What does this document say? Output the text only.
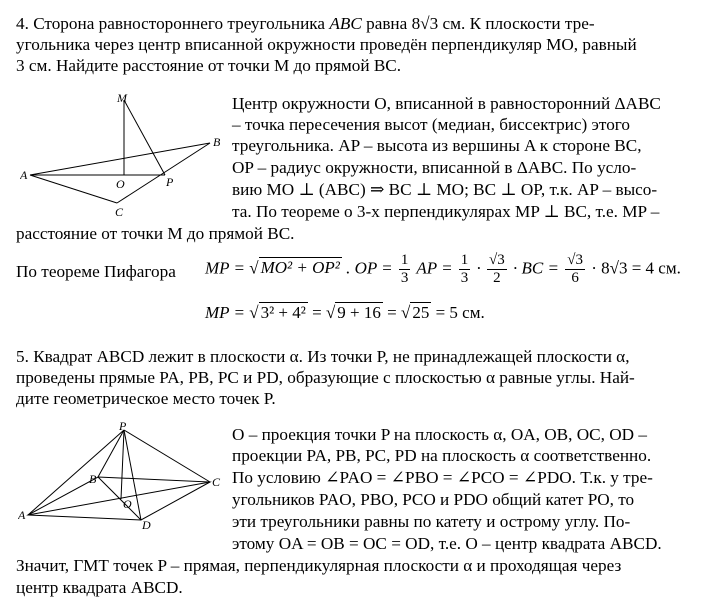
4. Сторона равностороннего треугольника ABC равна 8√3 см. К плоскости тре-
угольника через центр вписанной окружности проведён перпендикуляр MO, равный
3 см. Найдите расстояние от точки M до прямой BC.
M
B
A
O	P
C
Центр окружности O, вписанной в равносторонний ΔABC
– точка пересечения высот (медиан, биссектрис) этого
треугольника. AP – высота из вершины A к стороне BC,
OP – радиус окружности, вписанной в ΔABC. По усло-
вию MO ⊥ (ABC) ⇒ BC ⊥ MO; BC ⊥ OP, т.к. AP – высо-
та. По теореме о 3-х перпендикулярах MP ⊥ BC, т.е. MP –
расстояние от точки M до прямой BC.
По теореме Пифагора MP = √ MO² + OP² . OP = $\frac{1}{3}$ AP = $\frac{1}{3} \cdot \frac{√3}{2}$ · BC = $\frac{√3}{6} \cdot 8√3 = 4$ см.
MP = √ 3² + 4² = √ 9 + 16 = √ 25 = 5 см.
5. Квадрат ABCD лежит в плоскости α. Из точки P, не принадлежащей плоскости α,
проведены прямые PA, PB, PC и PD, образующие с плоскостью α равные углы. Най-
дите геометрическое место точек P.
P
B	C
O
A
D
O – проекция точки P на плоскость α, OA, OB, OC, OD –
проекции PA, PB, PC, PD на плоскость α соответственно.
По условию ∠PAO = ∠PBO = ∠PCO = ∠PDO. Т.к. у тре-
угольников PAO, PBO, PCO и PDO общий катет PO, то
эти треугольники равны по катету и острому углу. По-
этому OA = OB = OC = OD, т.е. O – центр квадрата ABCD.
Значит, ГМТ точек P – прямая, перпендикулярная плоскости α и проходящая через
центр квадрата ABCD.
